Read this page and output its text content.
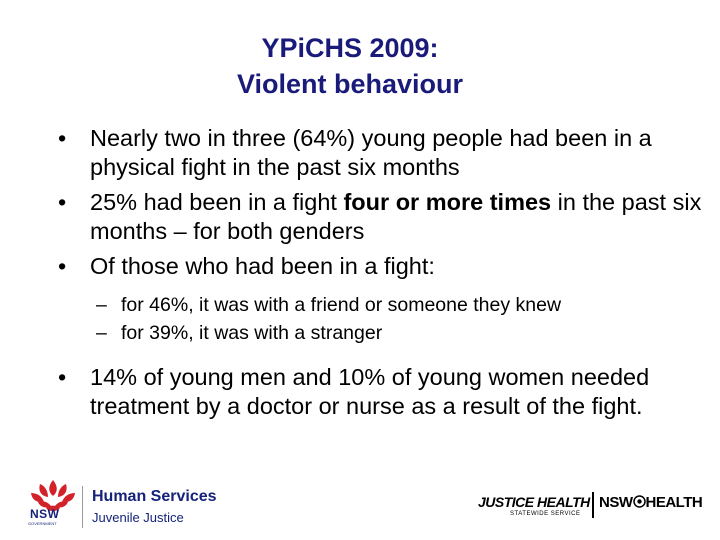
YPiCHS 2009:
Violent behaviour
• Nearly two in three (64%) young people had been in a physical fight in the past six months
• 25% had been in a fight four or more times in the past six months – for both genders
• Of those who had been in a fight:
– for 46%, it was with a friend or someone they knew
– for 39%, it was with a stranger
• 14% of young men and 10% of young women needed treatment by a doctor or nurse as a result of the fight.
NSW
GOVERNMENT
Human Services
Juvenile Justice
JUSTICE HEALTH
STATEWIDE SERVICE
NSW HEALTH
